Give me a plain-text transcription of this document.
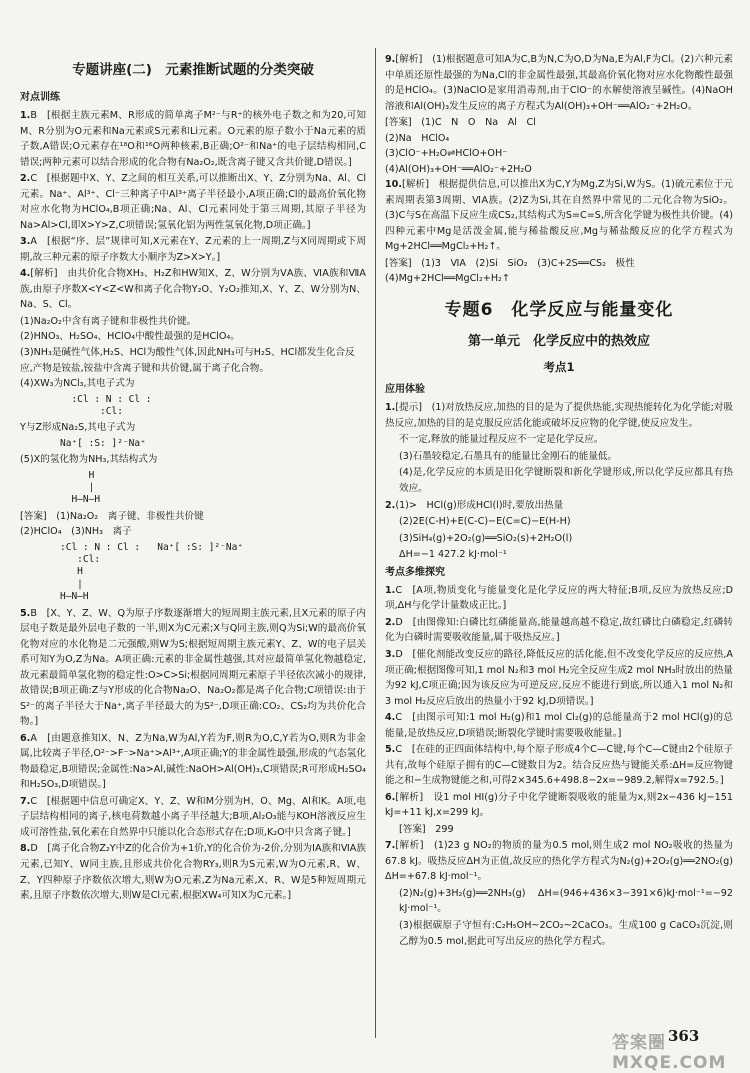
专题讲座(二)　元素推断试题的分类突破
对点训练
1.B　[根据主族元素M、R形成的简单离子M²⁻与R⁺的核外电子数之和为20,可知M、R分别为O元素和Na元素或S元素和Li元素。O元素的原子数小于Na元素的质子数,A错误;O元素存在¹⁸O和¹⁶O两种核素,B正确;O²⁻和Na⁺的电子层结构相同,C错误;两种元素可以结合形成的化合物有Na₂O₂,既含离子键又含共价键,D错误。]
2.C　[根据题中X、Y、Z之间的相互关系,可以推断出X、Y、Z分别为Na、Al、Cl元素。Na⁺、Al³⁺、Cl⁻三种离子中Al³⁺离子半径最小,A项正确;Cl的最高价氧化物对应水化物为HClO₄,B项正确;Na、Al、Cl元素同处于第三周期,其原子半径为Na>Al>Cl,即X>Y>Z,C项错误;氢氧化铝为两性氢氧化物,D项正确。]
3.A　[根据“序、层”规律可知,X元素在Y、Z元素的上一周期,Z与X同周期或下周期,故三种元素的原子序数大小顺序为Z>X>Y。]
4.[解析]　由共价化合物XH₃、H₂Z和HW知X、Z、W分别为ⅤA族、ⅥA族和ⅦA族,由原子序数X<Y<Z<W和离子化合物Y₂O、Y₂O₂推知,X、Y、Z、W分别为N、Na、S、Cl。
(1)Na₂O₂中含有离子键和非极性共价键。
(2)HNO₃、H₂SO₄、HClO₄中酸性最强的是HClO₄。
(3)NH₃是碱性气体,H₂S、HCl为酸性气体,因此NH₃可与H₂S、HCl都发生化合反应,产物是铵盐,铵盐中含离子键和共价键,属于离子化合物。
(4)XW₃为NCl₃,其电子式为
:Cl : N : Cl :
:Cl:
Y与Z形成Na₂S,其电子式为
Na⁺[ :S: ]²⁻Na⁺
(5)X的氢化物为NH₃,其结构式为
H
|
H—N—H
[答案]　(1)Na₂O₂　离子键、非极性共价键
(2)HClO₄　(3)NH₃　离子
:Cl : N : Cl :   Na⁺[ :S: ]²⁻Na⁺
:Cl:
H
|
H—N—H
5.B　[X、Y、Z、W、Q为原子序数逐渐增大的短周期主族元素,且X元素的原子内层电子数是最外层电子数的一半,则X为C元素;X与Q同主族,则Q为Si;W的最高价氧化物对应的水化物是二元强酸,则W为S;根据短周期主族元素Y、Z、W的电子层关系可知Y为O,Z为Na。A项正确:元素的非金属性越强,其对应最简单氢化物越稳定,故元素最简单氢化物的稳定性:O>C>Si;根据同周期元素原子半径依次减小的规律,故错误;B项正确:Z与Y形成的化合物Na₂O、Na₂O₂都是离子化合物;C项错误:由于S²⁻的离子半径大于Na⁺,离子半径最大的为S²⁻,D项正确:CO₂、CS₂均为共价化合物。]
6.A　[由题意推知X、N、Z为Na,W为Al,Y若为F,则R为O,C,Y若为O,则R为非金属,比较离子半径,O²⁻>F⁻>Na⁺>Al³⁺,A项正确;Y的非金属性最强,形成的气态氢化物最稳定,B项错误;金属性:Na>Al,碱性:NaOH>Al(OH)₃,C项错误;R可形成H₂SO₄和H₂SO₃,D项错误。]
7.C　[根据题中信息可确定X、Y、Z、W和M分别为H、O、Mg、Al和K。A项,电子层结构相同的离子,核电荷数越小离子半径越大;B项,Al₂O₃能与KOH溶液反应生成可溶性盐,氧化素在自然界中只能以化合态形式存在;D项,K₂O中只含离子键。]
8.D　[离子化合物Z₂Y中Z的化合价为+1价,Y的化合价为-2价,分别为ⅠA族和ⅥA族元素,已知Y、W同主族,且形成共价化合物RY₃,则R为S元素,W为O元素,R、W、Z、Y四种原子序数依次增大,则W为O元素,Z为Na元素,X、R、W是5种短周期元素,且原子序数依次增大,则W是Cl元素,根据XW₄可知X为C元素。]
9.[解析]　(1)根据题意可知A为C,B为N,C为O,D为Na,E为Al,F为Cl。(2)六种元素中单质还原性最强的为Na,Cl的非金属性最强,其最高价氧化物对应水化物酸性最强的是HClO₄。(3)NaClO是家用消毒剂,由于ClO⁻的水解使溶液呈碱性。(4)NaOH溶液和Al(OH)₃发生反应的离子方程式为Al(OH)₃+OH⁻══AlO₂⁻+2H₂O。
[答案]　(1)C　N　O　Na　Al　Cl
(2)Na　HClO₄
(3)ClO⁻+H₂O⇌HClO+OH⁻
(4)Al(OH)₃+OH⁻══AlO₂⁻+2H₂O
10.[解析]　根据提供信息,可以推出X为C,Y为Mg,Z为Si,W为S。(1)硫元素位于元素周期表第3周期、ⅥA族。(2)Z为Si,其在自然界中常见的二元化合物为SiO₂。(3)C与S在高温下反应生成CS₂,其结构式为S=C=S,所含化学键为极性共价键。(4)四种元素中Mg是活泼金属,能与稀盐酸反应,Mg与稀盐酸反应的化学方程式为Mg+2HCl══MgCl₂+H₂↑。
[答案]　(1)3　ⅥA　(2)Si　SiO₂　(3)C+2S══CS₂　极性
(4)Mg+2HCl══MgCl₂+H₂↑
专题6　化学反应与能量变化
第一单元　化学反应中的热效应
考点1
应用体验
1.[提示]　(1)对放热反应,加热的目的是为了提供热能,实现热能转化为化学能;对吸热反应,加热的目的是克服反应活化能或破坏反应物的化学键,使反应发生。
不一定,释放的能量过程反应不一定是化学反应。
(3)石墨较稳定,石墨具有的能量比金刚石的能量低。
(4)是,化学反应的本质是旧化学键断裂和新化学键形成,所以化学反应都具有热效应。
2.(1)>　HCl(g)形成HCl(l)时,要放出热量
(2)2E(C-H)+E(C-C)−E(C=C)−E(H-H)
(3)SiH₄(g)+2O₂(g)══SiO₂(s)+2H₂O(l)
ΔH=−1 427.2 kJ·mol⁻¹
考点多维探究
1.C　[A项,物质变化与能量变化是化学反应的两大特征;B项,反应为放热反应;D项,ΔH与化学计量数成正比。]
2.D　[由图像知:白磷比红磷能量高,能量越高越不稳定,故红磷比白磷稳定,红磷转化为白磷时需要吸收能量,属于吸热反应。]
3.D　[催化剂能改变反应的路径,降低反应的活化能,但不改变化学反应的反应热,A项正确;根据图像可知,1 mol N₂和3 mol H₂完全反应生成2 mol NH₃时放出的热量为92 kJ,C项正确;因为该反应为可逆反应,反应不能进行到底,所以通入1 mol N₂和3 mol H₂反应后放出的热量小于92 kJ,D项错误。]
4.C　[由图示可知:1 mol H₂(g)和1 mol Cl₂(g)的总能量高于2 mol HCl(g)的总能量,是放热反应,D项错误;断裂化学键时需要吸收能量。]
5.C　[在硅的正四面体结构中,每个原子形成4个C—C键,每个C—C键由2个硅原子共有,故每个硅原子拥有的C—C键数目为2。结合反应热与键能关系:ΔH=反应物键能之和−生成物键能之和,可得2×345.6+498.8−2x=−989.2,解得x=792.5。]
6.[解析]　设1 mol HI(g)分子中化学键断裂吸收的能量为x,则2x−436 kJ−151 kJ=+11 kJ,x=299 kJ。
[答案]　299
7.[解析]　(1)23 g NO₂的物质的量为0.5 mol,则生成2 mol NO₂吸收的热量为67.8 kJ。吸热反应ΔH为正值,故反应的热化学方程式为N₂(g)+2O₂(g)══2NO₂(g)　ΔH=+67.8 kJ·mol⁻¹。
(2)N₂(g)+3H₂(g)══2NH₃(g)　ΔH=(946+436×3−391×6)kJ·mol⁻¹=−92 kJ·mol⁻¹。
(3)根据碳原子守恒有:C₂H₅OH~2CO₂~2CaCO₃。生成100 g CaCO₃沉淀,则乙醇为0.5 mol,据此可写出反应的热化学方程式。
答案圈 MXQE.COM
363
